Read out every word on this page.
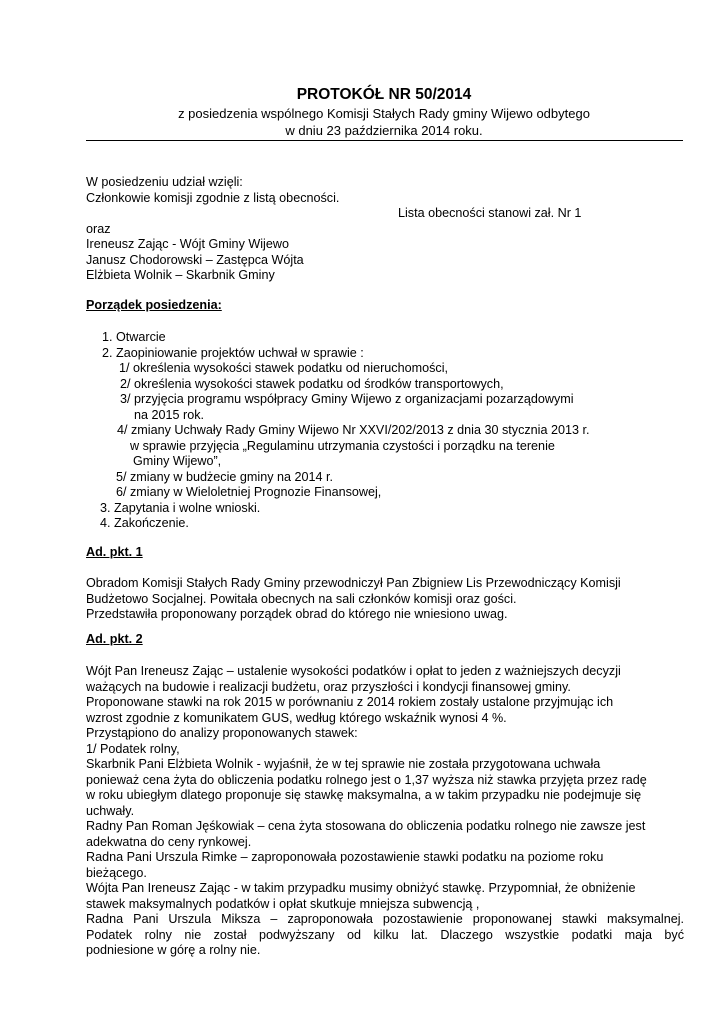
PROTOKÓŁ NR 50/2014
z posiedzenia wspólnego Komisji Stałych Rady gminy Wijewo odbytego
w dniu 23 października 2014 roku.
W posiedzeniu udział wzięli:
Członkowie komisji zgodnie z listą obecności.
Lista obecności stanowi zał. Nr 1
oraz
Ireneusz Zając - Wójt Gminy Wijewo
Janusz Chodorowski – Zastępca Wójta
Elżbieta Wolnik – Skarbnik Gminy
Porządek posiedzenia:
1. Otwarcie
2. Zaopiniowanie projektów uchwał w sprawie :
1/ określenia wysokości stawek podatku od nieruchomości,
2/ określenia wysokości stawek podatku od środków transportowych,
3/ przyjęcia programu współpracy Gminy Wijewo z organizacjami pozarządowymi
na 2015 rok.
4/ zmiany Uchwały Rady Gminy Wijewo Nr XXVI/202/2013 z dnia 30 stycznia 2013 r.
w sprawie przyjęcia „Regulaminu utrzymania czystości i porządku na terenie
Gminy Wijewo”,
5/ zmiany w budżecie gminy na 2014 r.
6/ zmiany w Wieloletniej Prognozie Finansowej,
3. Zapytania i wolne wnioski.
4. Zakończenie.
Ad. pkt. 1
Obradom Komisji Stałych Rady Gminy przewodniczył Pan Zbigniew Lis Przewodniczący Komisji
Budżetowo Socjalnej. Powitała obecnych na sali członków komisji oraz gości.
Przedstawiła proponowany porządek obrad do którego nie wniesiono uwag.
Ad. pkt. 2
Wójt Pan Ireneusz Zając – ustalenie wysokości podatków i opłat to jeden z ważniejszych decyzji
ważących na budowie i realizacji budżetu, oraz przyszłości i kondycji finansowej gminy.
Proponowane stawki na rok 2015 w porównaniu z 2014 rokiem zostały ustalone przyjmując ich
wzrost zgodnie z komunikatem GUS, według którego wskaźnik wynosi 4 %.
Przystąpiono do analizy proponowanych stawek:
1/ Podatek rolny,
Skarbnik Pani Elżbieta Wolnik - wyjaśnił, że w tej sprawie nie została przygotowana uchwała
ponieważ cena żyta do obliczenia podatku rolnego jest o 1,37 wyższa niż stawka przyjęta przez radę
w roku ubiegłym dlatego proponuje się stawkę maksymalna, a w takim przypadku nie podejmuje się
uchwały.
Radny Pan Roman Jęśkowiak – cena żyta stosowana do obliczenia podatku rolnego nie zawsze jest
adekwatna do ceny rynkowej.
Radna Pani Urszula Rimke – zaproponowała pozostawienie stawki podatku na poziome roku
bieżącego.
Wójta Pan Ireneusz Zając - w takim przypadku musimy obniżyć stawkę. Przypomniał, że obniżenie
stawek maksymalnych podatków i opłat skutkuje mniejsza subwencją ,
Radna Pani Urszula Miksza – zaproponowała pozostawienie proponowanej stawki maksymalnej.
Podatek rolny nie został podwyższany od kilku lat. Dlaczego wszystkie podatki maja być
podniesione w górę a rolny nie.
